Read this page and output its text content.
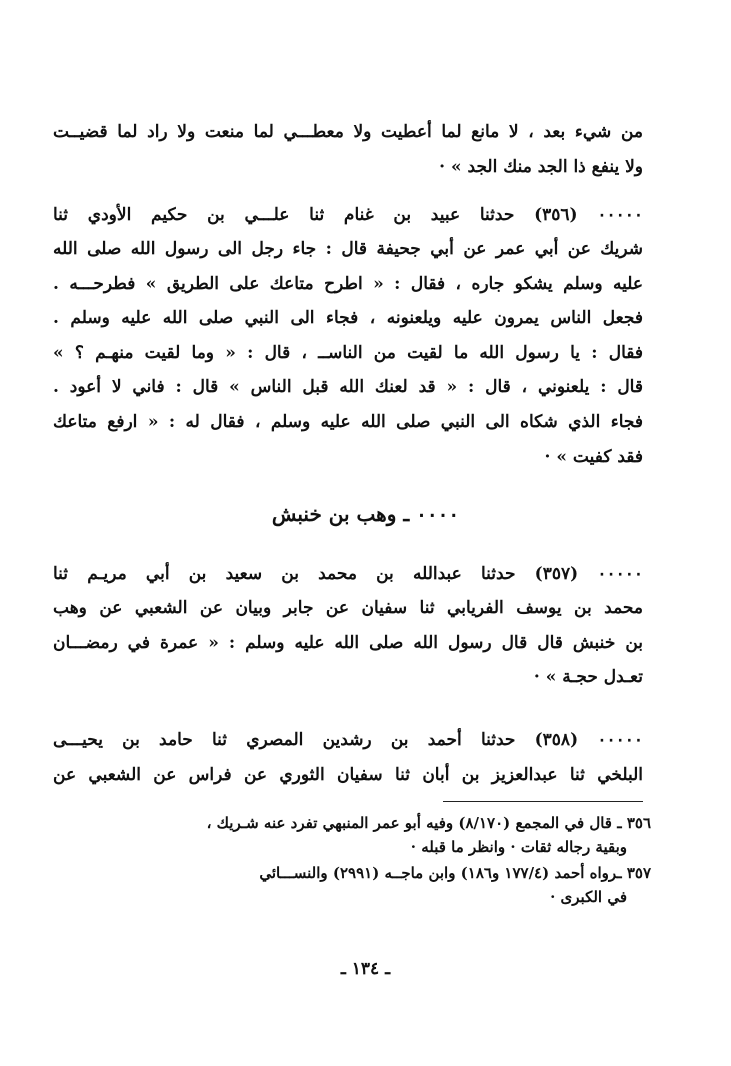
من شيء بعد ، لا مانع لما أعطيت ولا معطـــي لما منعت ولا راد لما قضيــت
ولا ينفع ذا الجد منك الجد » ·
٠٠٠٠٠ (٣٥٦) حدثنا عبيد بن غنام ثنا علـــي بن حكيم الأودي ثنا
شريك عن أبي عمر عن أبي جحيفة قال : جاء رجل الى رسول الله صلى الله
عليه وسلم يشكو جاره ، فقال : « اطرح متاعك على الطريق » فطرحـــه .
فجعل الناس يمرون عليه ويلعنونه ، فجاء الى النبي صلى الله عليه وسلم .
فقال : يا رسول الله ما لقيت من الناســ ، قال : « وما لقيت منهـم ؟ »
قال : يلعنوني ، قال : « قد لعنك الله قبل الناس » قال : فاني لا أعود .
فجاء الذي شكاه الى النبي صلى الله عليه وسلم ، فقال له : « ارفع متاعك
فقد كفيت » ·
٠٠٠٠ ـ وهب بن خنبش
٠٠٠٠٠ (٣٥٧) حدثنا عبدالله بن محمد بن سعيد بن أبي مريـم ثنا
محمد بن يوسف الفريابي ثنا سفيان عن جابر وبيان عن الشعبي عن وهب
بن خنبش قال قال رسول الله صلى الله عليه وسلم : « عمرة في رمضـــان
تعـدل حجـة » ·
٠٠٠٠٠ (٣٥٨) حدثنا أحمد بن رشدين المصري ثنا حامد بن يحيـــى
البلخي ثنا عبدالعزيز بن أبان ثنا سفيان الثوري عن فراس عن الشعبي عن
٣٥٦ ـ قال في المجمع (٨/١٧٠) وفيه أبو عمر المنبهي تفرد عنه شـريك ،
وبقية رجاله ثقات · وانظر ما قبله ·
٣٥٧ ـرواه أحمد (١٧٧/٤ و١٨٦) وابن ماجــه (٢٩٩١) والنســـائي
في الكبرى ·
ـ ١٣٤ ـ
